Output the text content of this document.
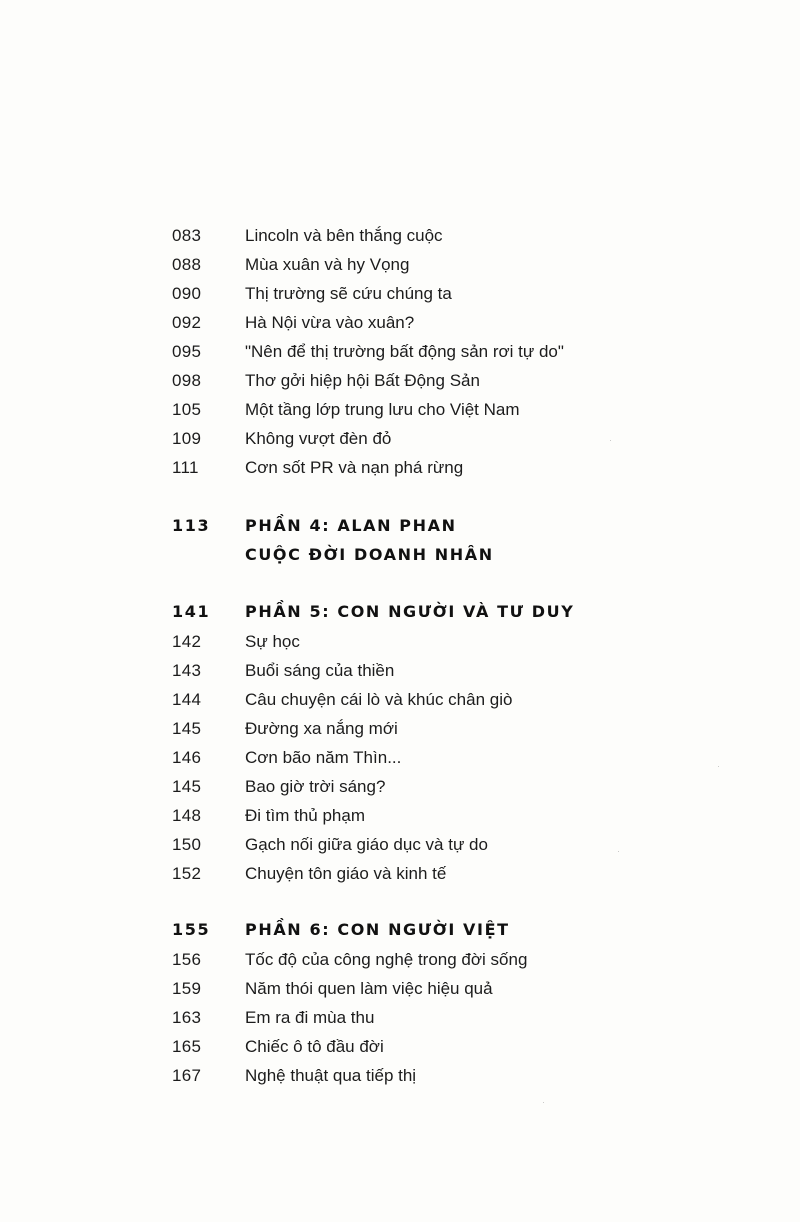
083	Lincoln và bên thắng cuộc
088	Mùa xuân và hy Vọng
090	Thị trường sẽ cứu chúng ta
092	Hà Nội vừa vào xuân?
095	"Nên để thị trường bất động sản rơi tự do"
098	Thơ gởi hiệp hội Bất Động Sản
105	Một tầng lớp trung lưu cho Việt Nam
109	Không vượt đèn đỏ
111	Cơn sốt PR và nạn phá rừng
113 PHẦN 4: ALAN PHAN
CUỘC ĐỜI DOANH NHÂN
141 PHẦN 5: CON NGƯỜI VÀ TƯ DUY
142	Sự học
143	Buổi sáng của thiền
144	Câu chuyện cái lò và khúc chân giò
145	Đường xa nắng mới
146	Cơn bão năm Thìn...
145	Bao giờ trời sáng?
148	Đi tìm thủ phạm
150	Gạch nối giữa giáo dục và tự do
152	Chuyện tôn giáo và kinh tế
155 PHẦN 6: CON NGƯỜI VIỆT
156	Tốc độ của công nghệ trong đời sống
159	Năm thói quen làm việc hiệu quả
163	Em ra đi mùa thu
165	Chiếc ô tô đầu đời
167	Nghệ thuật qua tiếp thị
